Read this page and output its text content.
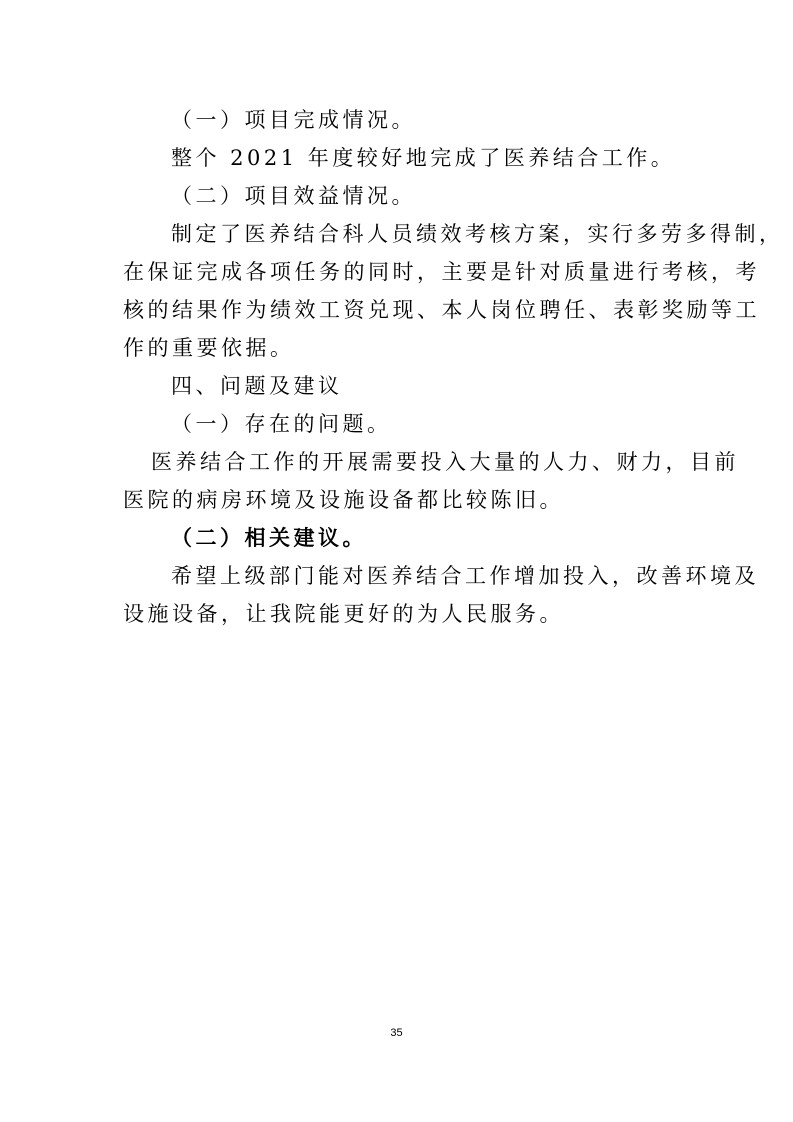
（一）项目完成情况。
整个 2021 年度较好地完成了医养结合工作。
（二）项目效益情况。
制定了医养结合科人员绩效考核方案，实行多劳多得制，
在保证完成各项任务的同时，主要是针对质量进行考核，考
核的结果作为绩效工资兑现、本人岗位聘任、表彰奖励等工
作的重要依据。
四、问题及建议
（一）存在的问题。
医养结合工作的开展需要投入大量的人力、财力，目前
医院的病房环境及设施设备都比较陈旧。
（二）相关建议。
希望上级部门能对医养结合工作增加投入，改善环境及
设施设备，让我院能更好的为人民服务。
35
